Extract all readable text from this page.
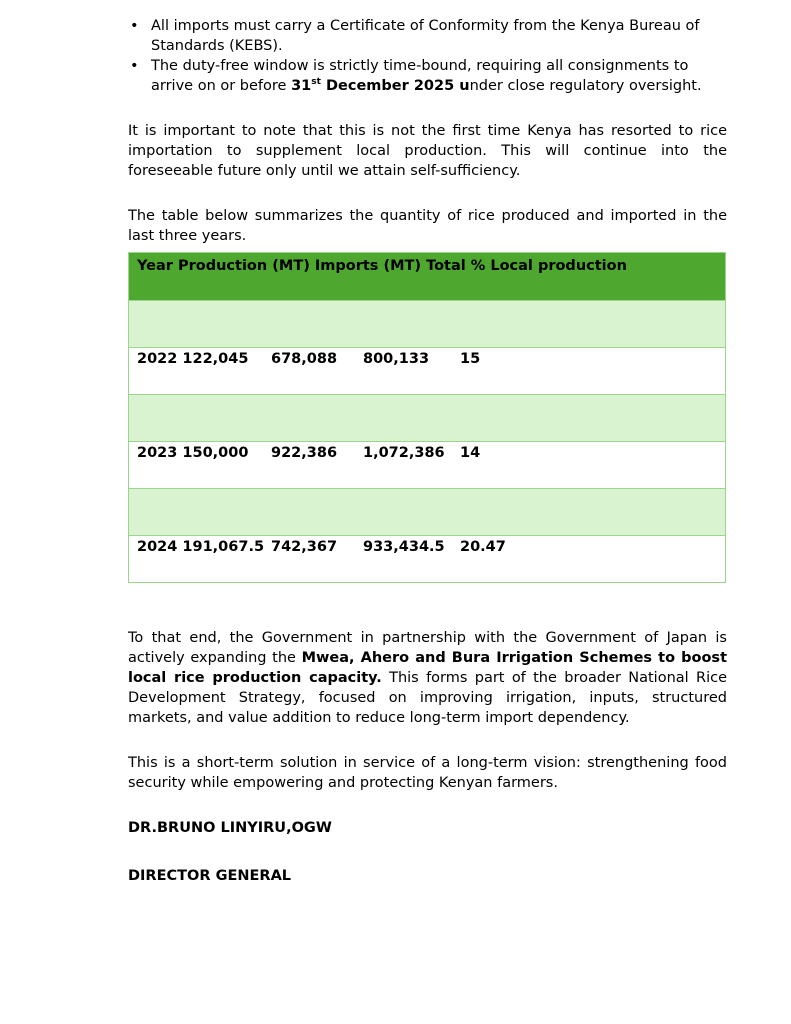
• All imports must carry a Certificate of Conformity from the Kenya Bureau of Standards (KEBS).
• The duty-free window is strictly time-bound, requiring all consignments to arrive on or before 31st December 2025 under close regulatory oversight.

It is important to note that this is not the first time Kenya has resorted to rice importation to supplement local production. This will continue into the foreseeable future only until we attain self-sufficiency.

The table below summarizes the quantity of rice produced and imported in the last three years.

Year Production (MT) Imports (MT) Total % Local production
2022 122,045 678,088 800,133 15
2023 150,000 922,386 1,072,386 14
2024 191,067.5 742,367 933,434.5 20.47

To that end, the Government in partnership with the Government of Japan is actively expanding the Mwea, Ahero and Bura Irrigation Schemes to boost local rice production capacity. This forms part of the broader National Rice Development Strategy, focused on improving irrigation, inputs, structured markets, and value addition to reduce long-term import dependency.

This is a short-term solution in service of a long-term vision: strengthening food security while empowering and protecting Kenyan farmers.

DR.BRUNO LINYIRU,OGW

DIRECTOR GENERAL
